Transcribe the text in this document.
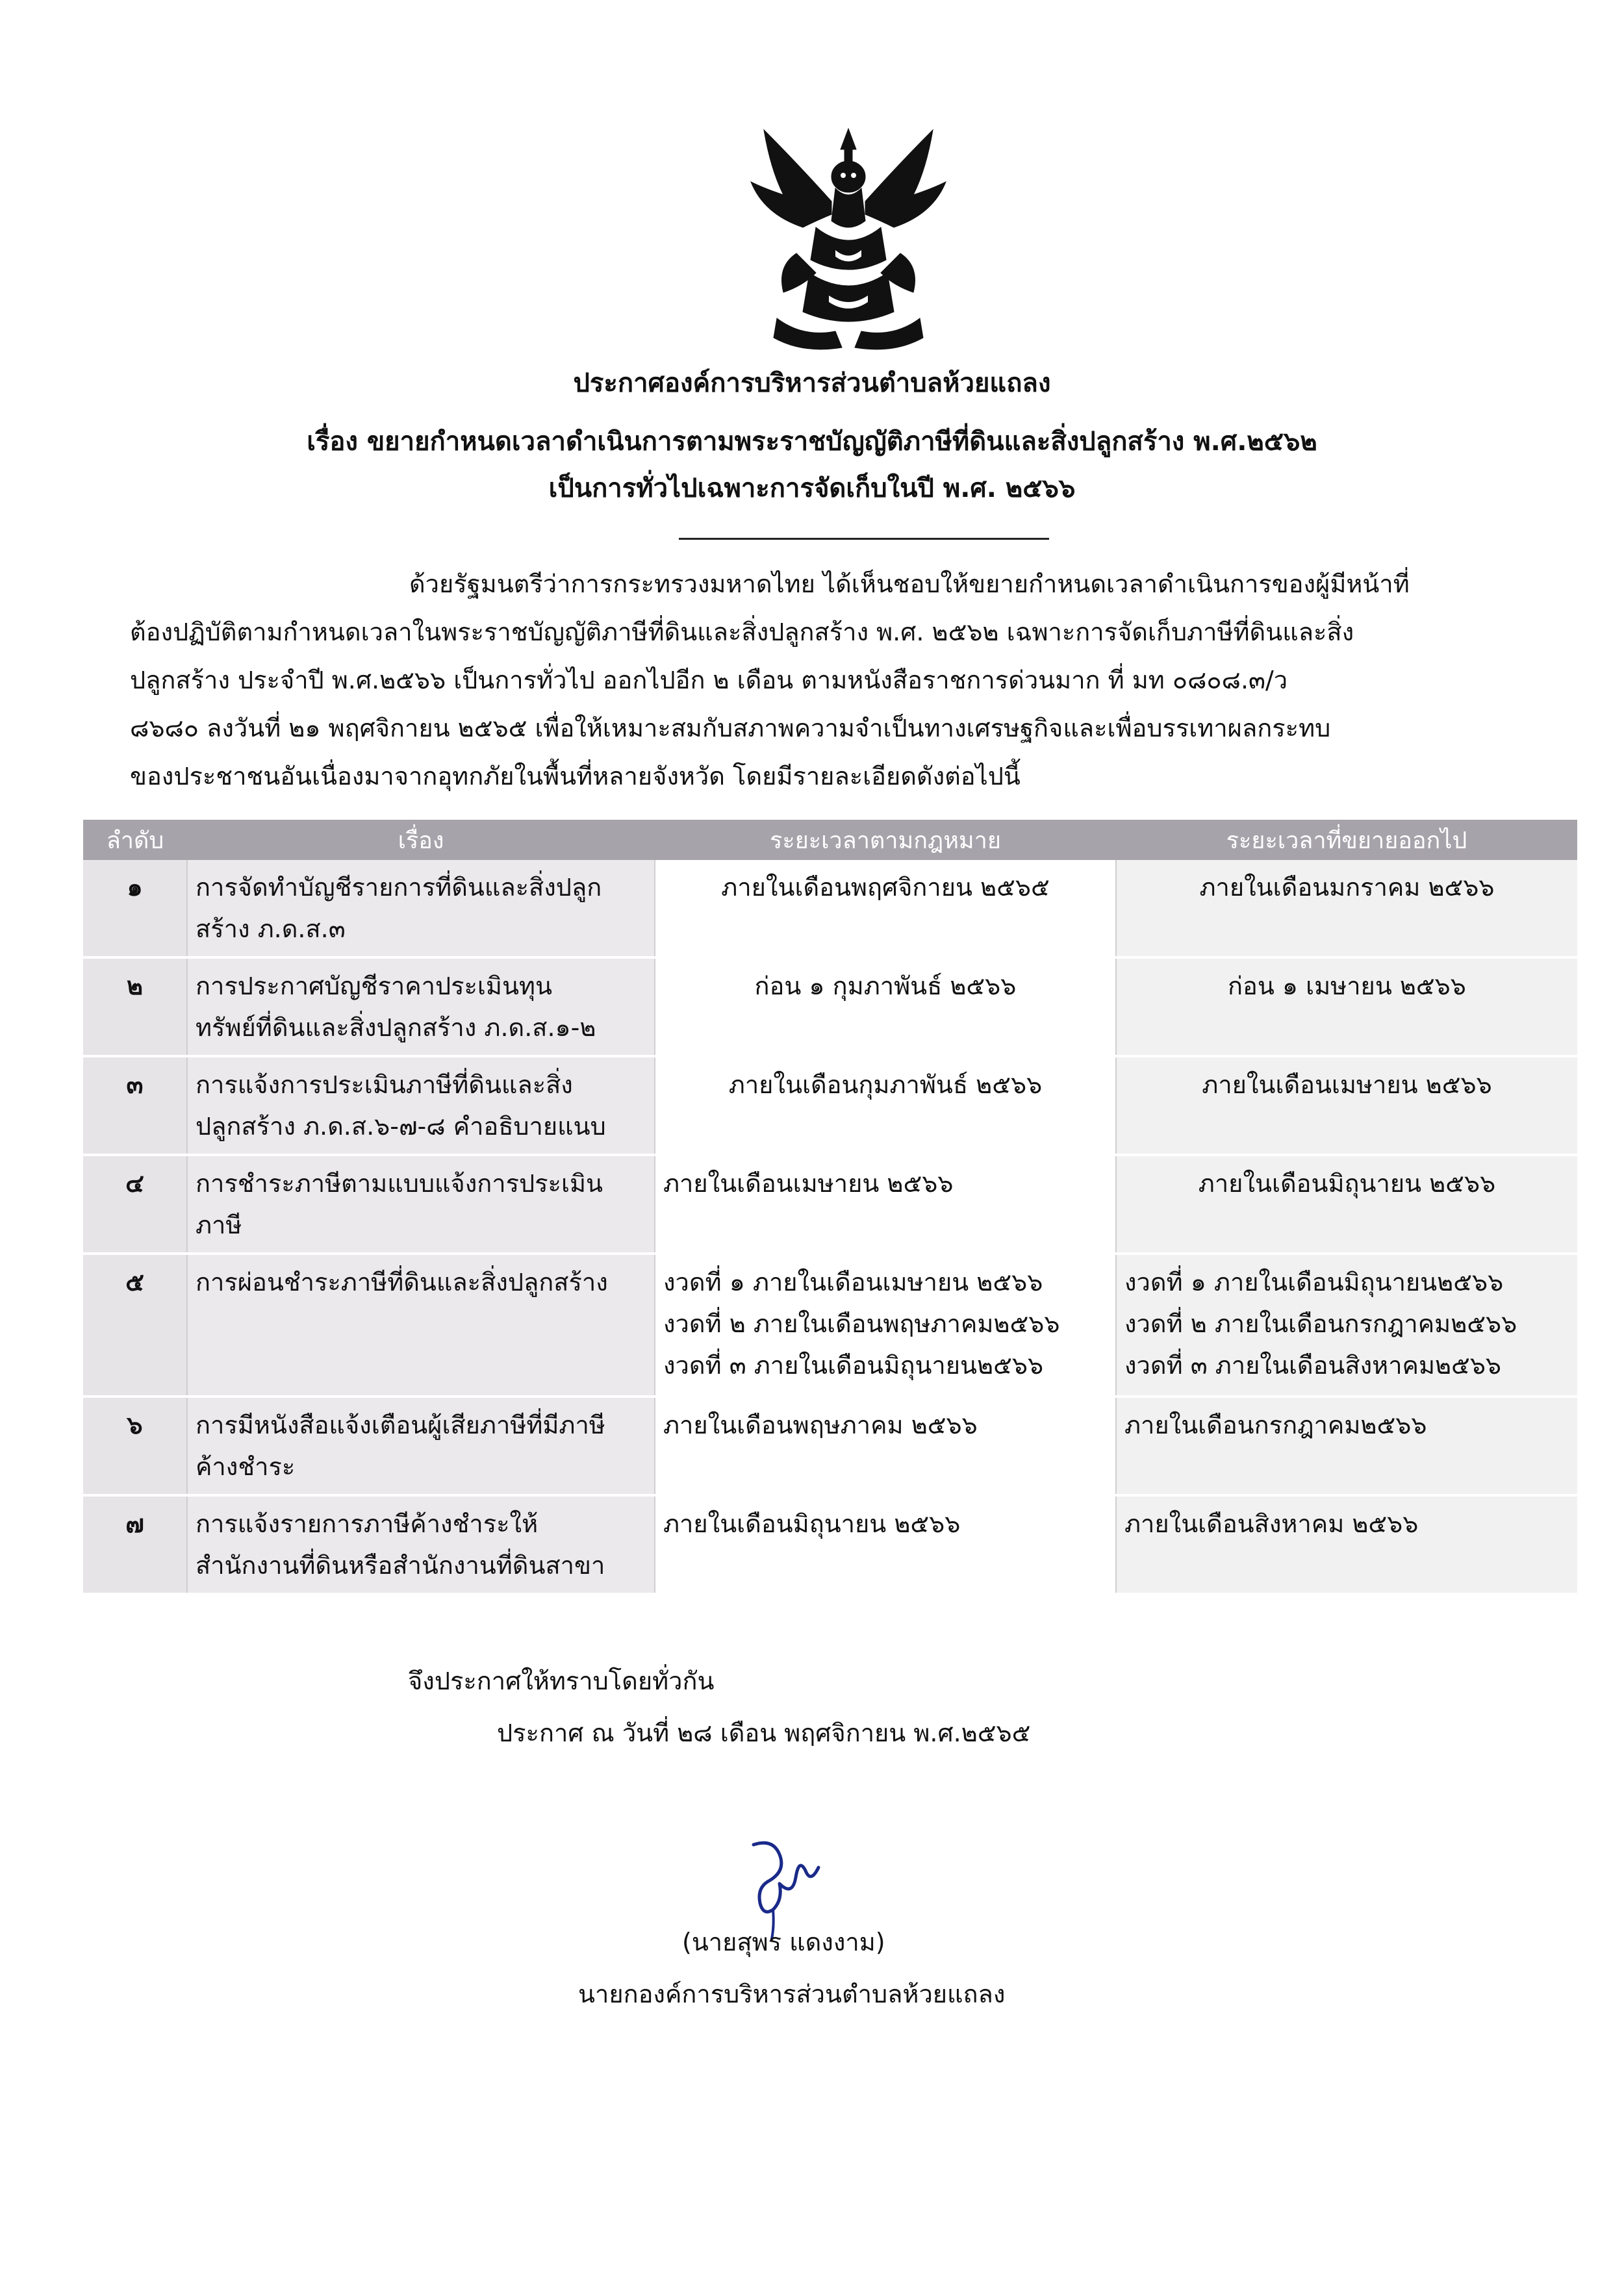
ประกาศองค์การบริหารส่วนตำบลห้วยแถลง
เรื่อง ขยายกำหนดเวลาดำเนินการตามพระราชบัญญัติภาษีที่ดินและสิ่งปลูกสร้าง พ.ศ.๒๕๖๒
เป็นการทั่วไปเฉพาะการจัดเก็บในปี พ.ศ. ๒๕๖๖
ด้วยรัฐมนตรีว่าการกระทรวงมหาดไทย ได้เห็นชอบให้ขยายกำหนดเวลาดำเนินการของผู้มีหน้าที่
ต้องปฏิบัติตามกำหนดเวลาในพระราชบัญญัติภาษีที่ดินและสิ่งปลูกสร้าง พ.ศ. ๒๕๖๒ เฉพาะการจัดเก็บภาษีที่ดินและสิ่ง
ปลูกสร้าง ประจำปี พ.ศ.๒๕๖๖ เป็นการทั่วไป ออกไปอีก ๒ เดือน ตามหนังสือราชการด่วนมาก ที่ มท ๐๘๐๘.๓/ว
๘๖๘๐ ลงวันที่ ๒๑ พฤศจิกายน ๒๕๖๕ เพื่อให้เหมาะสมกับสภาพความจำเป็นทางเศรษฐกิจและเพื่อบรรเทาผลกระทบ
ของประชาชนอันเนื่องมาจากอุทกภัยในพื้นที่หลายจังหวัด โดยมีรายละเอียดดังต่อไปนี้
ลำดับ	เรื่อง	ระยะเวลาตามกฎหมาย	ระยะเวลาที่ขยายออกไป
๑	การจัดทำบัญชีรายการที่ดินและสิ่งปลูก
สร้าง ภ.ด.ส.๓	ภายในเดือนพฤศจิกายน ๒๕๖๕	ภายในเดือนมกราคม ๒๕๖๖

๒	การประกาศบัญชีราคาประเมินทุน
ทรัพย์ที่ดินและสิ่งปลูกสร้าง ภ.ด.ส.๑-๒	ก่อน ๑ กุมภาพันธ์ ๒๕๖๖	ก่อน ๑ เมษายน ๒๕๖๖

๓	การแจ้งการประเมินภาษีที่ดินและสิ่ง
ปลูกสร้าง ภ.ด.ส.๖-๗-๘ คำอธิบายแนบ	ภายในเดือนกุมภาพันธ์ ๒๕๖๖	ภายในเดือนเมษายน ๒๕๖๖

๔	การชำระภาษีตามแบบแจ้งการประเมิน
ภาษี	ภายในเดือนเมษายน ๒๕๖๖	ภายในเดือนมิถุนายน ๒๕๖๖

๕	การผ่อนชำระภาษีที่ดินและสิ่งปลูกสร้าง	งวดที่ ๑ ภายในเดือนเมษายน ๒๕๖๖
งวดที่ ๒ ภายในเดือนพฤษภาคม๒๕๖๖
งวดที่ ๓ ภายในเดือนมิถุนายน๒๕๖๖	งวดที่ ๑ ภายในเดือนมิถุนายน๒๕๖๖
งวดที่ ๒ ภายในเดือนกรกฎาคม๒๕๖๖
งวดที่ ๓ ภายในเดือนสิงหาคม๒๕๖๖

๖	การมีหนังสือแจ้งเตือนผู้เสียภาษีที่มีภาษี
ค้างชำระ	ภายในเดือนพฤษภาคม ๒๕๖๖	ภายในเดือนกรกฎาคม๒๕๖๖

๗	การแจ้งรายการภาษีค้างชำระให้
สำนักงานที่ดินหรือสำนักงานที่ดินสาขา	ภายในเดือนมิถุนายน ๒๕๖๖	ภายในเดือนสิงหาคม ๒๕๖๖
จึงประกาศให้ทราบโดยทั่วกัน
ประกาศ ณ วันที่ ๒๘ เดือน พฤศจิกายน พ.ศ.๒๕๖๕
(นายสุพร แดงงาม)
นายกองค์การบริหารส่วนตำบลห้วยแถลง
